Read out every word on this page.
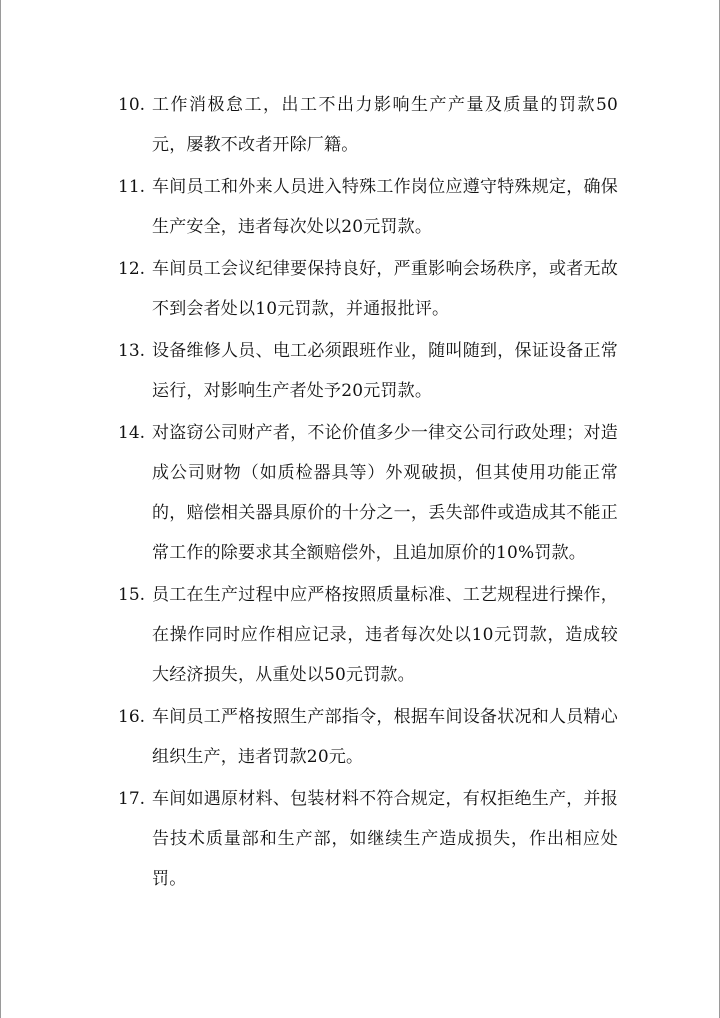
10. 工作消极怠工，出工不出力影响生产产量及质量的罚款50元，屡教不改者开除厂籍。
11. 车间员工和外来人员进入特殊工作岗位应遵守特殊规定，确保生产安全，违者每次处以20元罚款。
12. 车间员工会议纪律要保持良好，严重影响会场秩序，或者无故不到会者处以10元罚款，并通报批评。
13. 设备维修人员、电工必须跟班作业，随叫随到，保证设备正常运行，对影响生产者处予20元罚款。
14. 对盗窃公司财产者，不论价值多少一律交公司行政处理；对造成公司财物（如质检器具等）外观破损，但其使用功能正常的，赔偿相关器具原价的十分之一，丢失部件或造成其不能正常工作的除要求其全额赔偿外，且追加原价的10%罚款。
15. 员工在生产过程中应严格按照质量标准、工艺规程进行操作，在操作同时应作相应记录，违者每次处以10元罚款，造成较大经济损失，从重处以50元罚款。
16. 车间员工严格按照生产部指令，根据车间设备状况和人员精心组织生产，违者罚款20元。
17. 车间如遇原材料、包装材料不符合规定，有权拒绝生产，并报告技术质量部和生产部，如继续生产造成损失，作出相应处罚。
